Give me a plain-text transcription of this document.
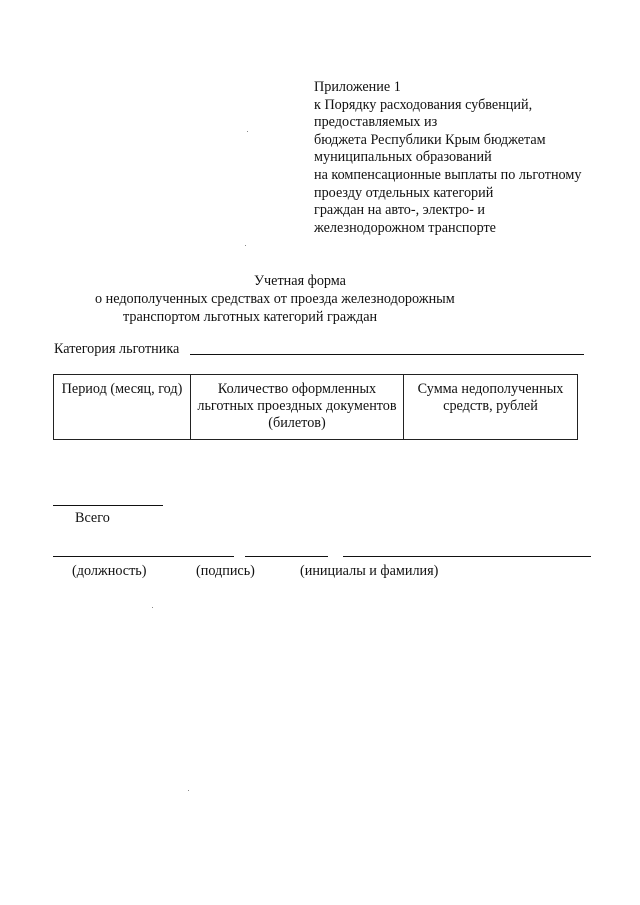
Приложение 1
к Порядку расходования субвенций,
предоставляемых из
бюджета Республики Крым бюджетам
муниципальных образований
на компенсационные выплаты по льготному
проезду отдельных категорий
граждан на авто-, электро- и
железнодорожном транспорте
Учетная форма
о недополученных средствах от проезда железнодорожным
транспортом льготных категорий граждан
Категория льготника
Период (месяц, год)	Количество оформленных льготных проездных документов (билетов)	Сумма недополученных средств, рублей
Всего
(должность)	(подпись)	(инициалы и фамилия)
